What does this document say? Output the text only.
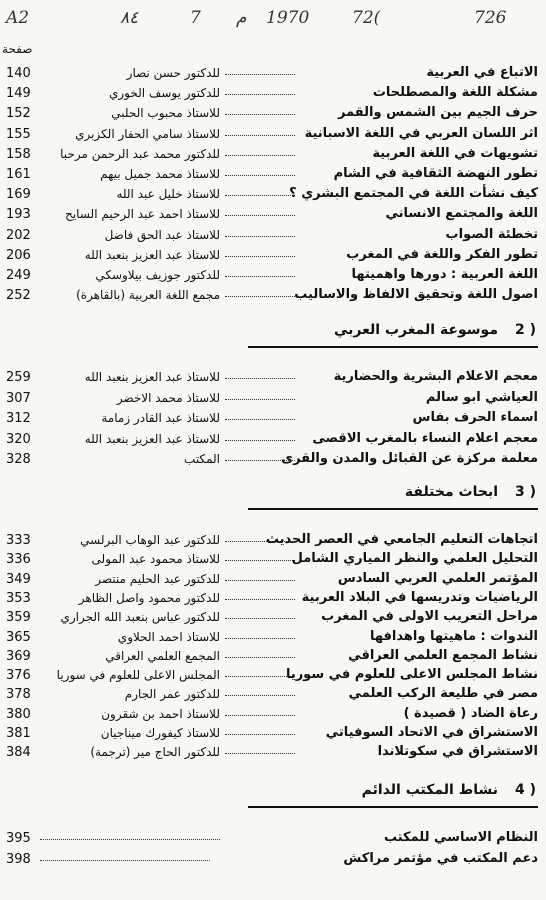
A2	٨٤	7 م 1970	72(	726
صفحة
140	للدكتور حسن نصار	الاتباع في العربية
149	للدكتور يوسف الخوري	مشكلة اللغة والمصطلحات
152	للاستاذ محبوب الحلبي	حرف الجيم بين الشمس والقمر
155	للاستاذ سامي الحفار الكزبري	اثر اللسان العربي في اللغة الاسبانية
158	للدكتور محمد عبد الرحمن مرحبا	تشويهات في اللغة العربية
161	للاستاذ محمد جميل بيهم	تطور النهضة الثقافية في الشام
169	للاستاذ خليل عبد الله	كيف نشأت اللغة في المجتمع البشري ؟
193	للاستاذ احمد عبد الرحيم السايح	اللغة والمجتمع الانساني
202	للاستاذ عبد الحق فاضل	تخطئة الصواب
206	للاستاذ عبد العزيز بنعبد الله	تطور الفكر واللغة في المغرب
249	للدكتور جوزيف بيلاوسكي	اللغة العربية : دورها واهميتها
252	مجمع اللغة العربية (بالقاهرة)	اصول اللغة وتحقيق الالفاظ والاساليب
2 )
موسوعة المغرب العربي
259	للاستاذ عبد العزيز بنعبد الله	معجم الاعلام البشرية والحضارية
307	للاستاذ محمد الاخضر	العياشي ابو سالم
312	للاستاذ عبد القادر زمامة	اسماء الحرف بفاس
320	للاستاذ عبد العزيز بنعبد الله	معجم اعلام النساء بالمغرب الاقصى
328	المكتب	معلمة مركزة عن القبائل والمدن والقرى
3 )
ابحاث مختلفة
333	للدكتور عبد الوهاب البرلسي	اتجاهات التعليم الجامعي في العصر الحديث
336	للاستاذ محمود عبد المولى	التحليل العلمي والنظر المياري الشامل
349	للدكتور عبد الحليم منتصر	المؤتمر العلمي العربي السادس
353	للدكتور محمود واصل الظاهر	الرياضيات وتدريسها في البلاد العربية
359	للدكتور عباس بنعبد الله الجراري	مراحل التعريب الاولى في المغرب
365	للاستاذ احمد الحلاوي	الندوات : ماهيتها واهدافها
369	المجمع العلمي العراقي	نشاط المجمع العلمي العراقي
376	المجلس الاعلى للعلوم في سوريا	نشاط المجلس الاعلى للعلوم في سوريا
378	للدكتور عمر الجارم	مصر في طليعة الركب العلمي
380	للاستاذ احمد بن شقرون	رعاة الضاد ( قصيدة )
381	للاستاذ كيفورك ميناجيان	الاستشراق في الاتحاد السوفياتي
384	للدكتور الحاج مير (ترجمة)	الاستشراق في سكوتلاندا
4 )
نشاط المكتب الدائم
395	النظام الاساسي للمكتب
398	دعم المكتب في مؤتمر مراكش
